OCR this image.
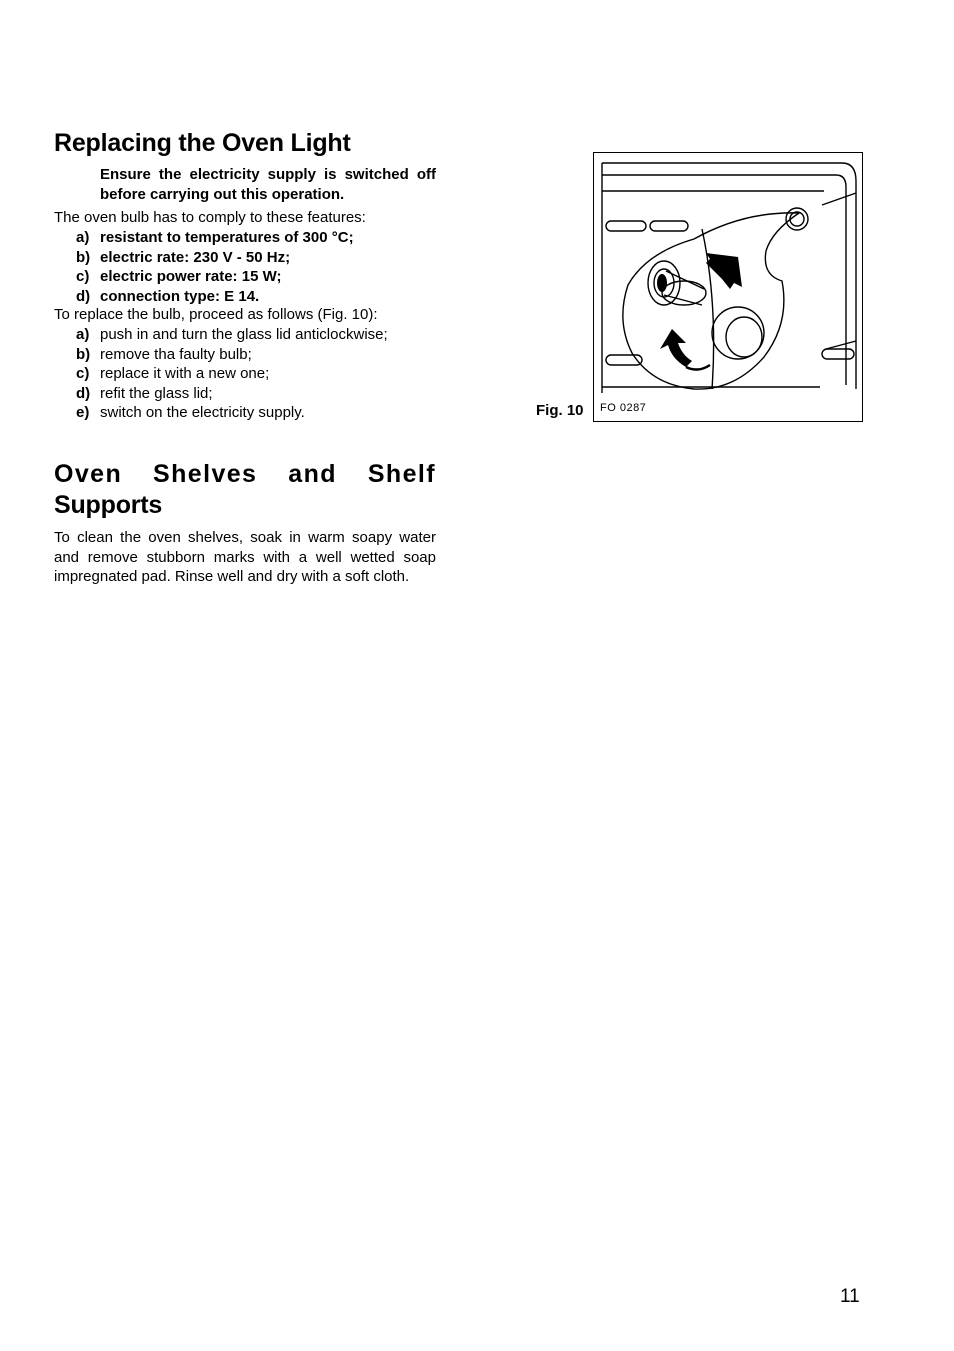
Replacing the Oven Light
Ensure the electricity supply is switched off before carrying out this operation.
The oven bulb has to comply to these features:
a) resistant to temperatures of 300 °C;
b) electric rate: 230 V - 50 Hz;
c) electric power rate: 15 W;
d) connection type: E 14.
To replace the bulb, proceed as follows (Fig. 10):
a) push in and turn the glass lid anticlockwise;
b) remove tha faulty bulb;
c) replace it with a new one;
d) refit the glass lid;
e) switch on the electricity supply.
Oven Shelves and Shelf
Supports
To clean the oven shelves, soak in warm soapy water and remove stubborn marks with a well wetted soap impregnated pad. Rinse well and dry with a soft cloth.
Fig. 10 FO 0287
11
